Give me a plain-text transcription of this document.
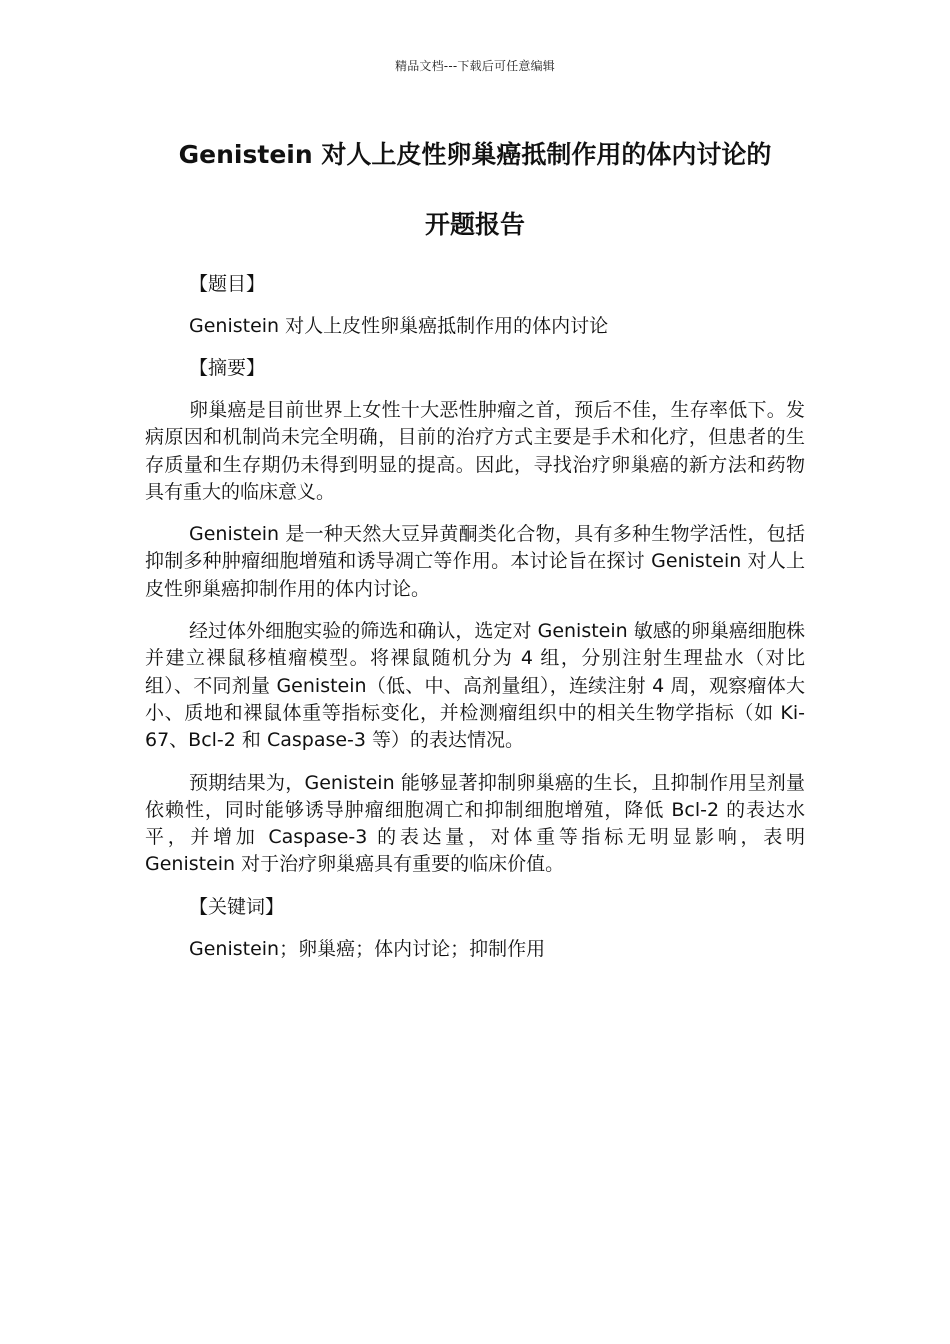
精品文档---下载后可任意编辑
Genistein 对人上皮性卵巢癌抵制作用的体内讨论的
开题报告
【题目】
Genistein 对人上皮性卵巢癌抵制作用的体内讨论
【摘要】

卵巢癌是目前世界上女性十大恶性肿瘤之首，预后不佳，生存率低下。发病原因和机制尚未完全明确，目前的治疗方式主要是手术和化疗，但患者的生存质量和生存期仍未得到明显的提高。因此，寻找治疗卵巢癌的新方法和药物具有重大的临床意义。

Genistein 是一种天然大豆异黄酮类化合物，具有多种生物学活性，包括抑制多种肿瘤细胞增殖和诱导凋亡等作用。本讨论旨在探讨 Genistein 对人上皮性卵巢癌抑制作用的体内讨论。

经过体外细胞实验的筛选和确认，选定对 Genistein 敏感的卵巢癌细胞株并建立裸鼠移植瘤模型。将裸鼠随机分为 4 组，分别注射生理盐水（对比组）、不同剂量 Genistein（低、中、高剂量组），连续注射 4 周，观察瘤体大小、质地和裸鼠体重等指标变化，并检测瘤组织中的相关生物学指标（如 Ki-67、Bcl-2 和 Caspase-3 等）的表达情况。

预期结果为，Genistein 能够显著抑制卵巢癌的生长，且抑制作用呈剂量依赖性，同时能够诱导肿瘤细胞凋亡和抑制细胞增殖，降低 Bcl-2 的表达水平，并增加 Caspase-3 的表达量，对体重等指标无明显影响，表明 Genistein 对于治疗卵巢癌具有重要的临床价值。

【关键词】
Genistein；卵巢癌；体内讨论；抑制作用
